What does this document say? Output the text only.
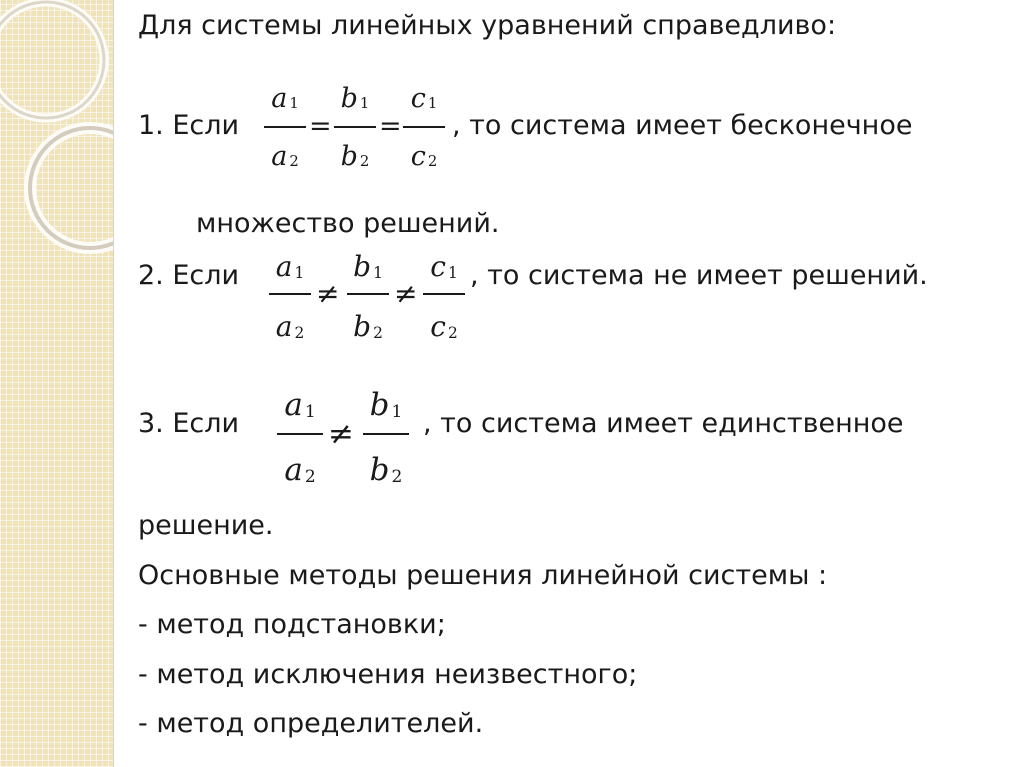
Для системы линейных уравнений справедливо:
1. Если
a 1
a 2
=
b 1
b 2
=
c 1
c 2
, то система имеет бесконечное
множество решений.
2. Если	a 1
a 2
≠
b 1
b 2
≠
c 1
c 2
, то система не имеет решений.
3. Если
a 1
a 2
≠
b 1
b 2
, то система имеет единственное
решение.
Основные методы решения линейной системы :
- метод подстановки;
- метод исключения неизвестного;
- метод определителей.
